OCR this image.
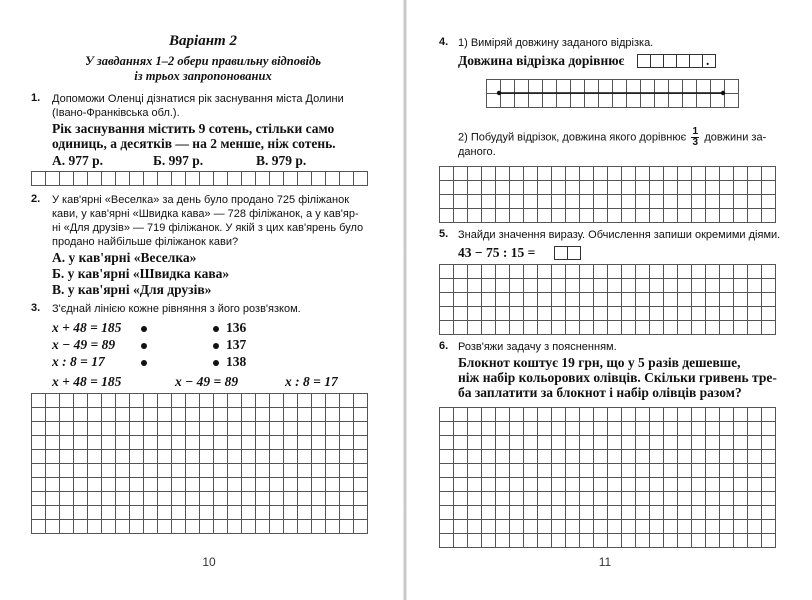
Варіант 2
У завданнях 1–2 обери правильну відповідь
із трьох запропонованих
1. Допоможи Оленці дізнатися рік заснування міста Долини
(Івано-Франківська обл.).
Рік заснування містить 9 сотень, стільки само
одиниць, а десятків — на 2 менше, ніж сотень.
А. 977 р.	Б. 997 р.	В. 979 р.
2. У кав'ярні «Веселка» за день було продано 725 філіжанок
кави, у кав'ярні «Швидка кава» — 728 філіжанок, а у кав'яр-
ні «Для друзів» — 719 філіжанок. У якій з цих кав'ярень було
продано найбільше філіжанок кави?
А. у кав'ярні «Веселка»
Б. у кав'ярні «Швидка кава»
В. у кав'ярні «Для друзів»
3. З'єднай лінією кожне рівняння з його розв'язком.
x + 48 = 185
x − 49 = 89
x : 8 = 17
136
137
138
x + 48 = 185	x − 49 = 89	x : 8 = 17
10
4. 1) Виміряй довжину заданого відрізка.
Довжина відрізка дорівнює	.
2) Побудуй відрізок, довжина якого дорівнює $\frac{1}{3}$ довжини за-
даного.
5. Знайди значення виразу. Обчислення запиши окремими діями.
43 − 75 : 15 =
6. Розв'яжи задачу з поясненням.
Блокнот коштує 19 грн, що у 5 разів дешевше,
ніж набір кольорових олівців. Скільки гривень тре-
ба заплатити за блокнот і набір олівців разом?
11
